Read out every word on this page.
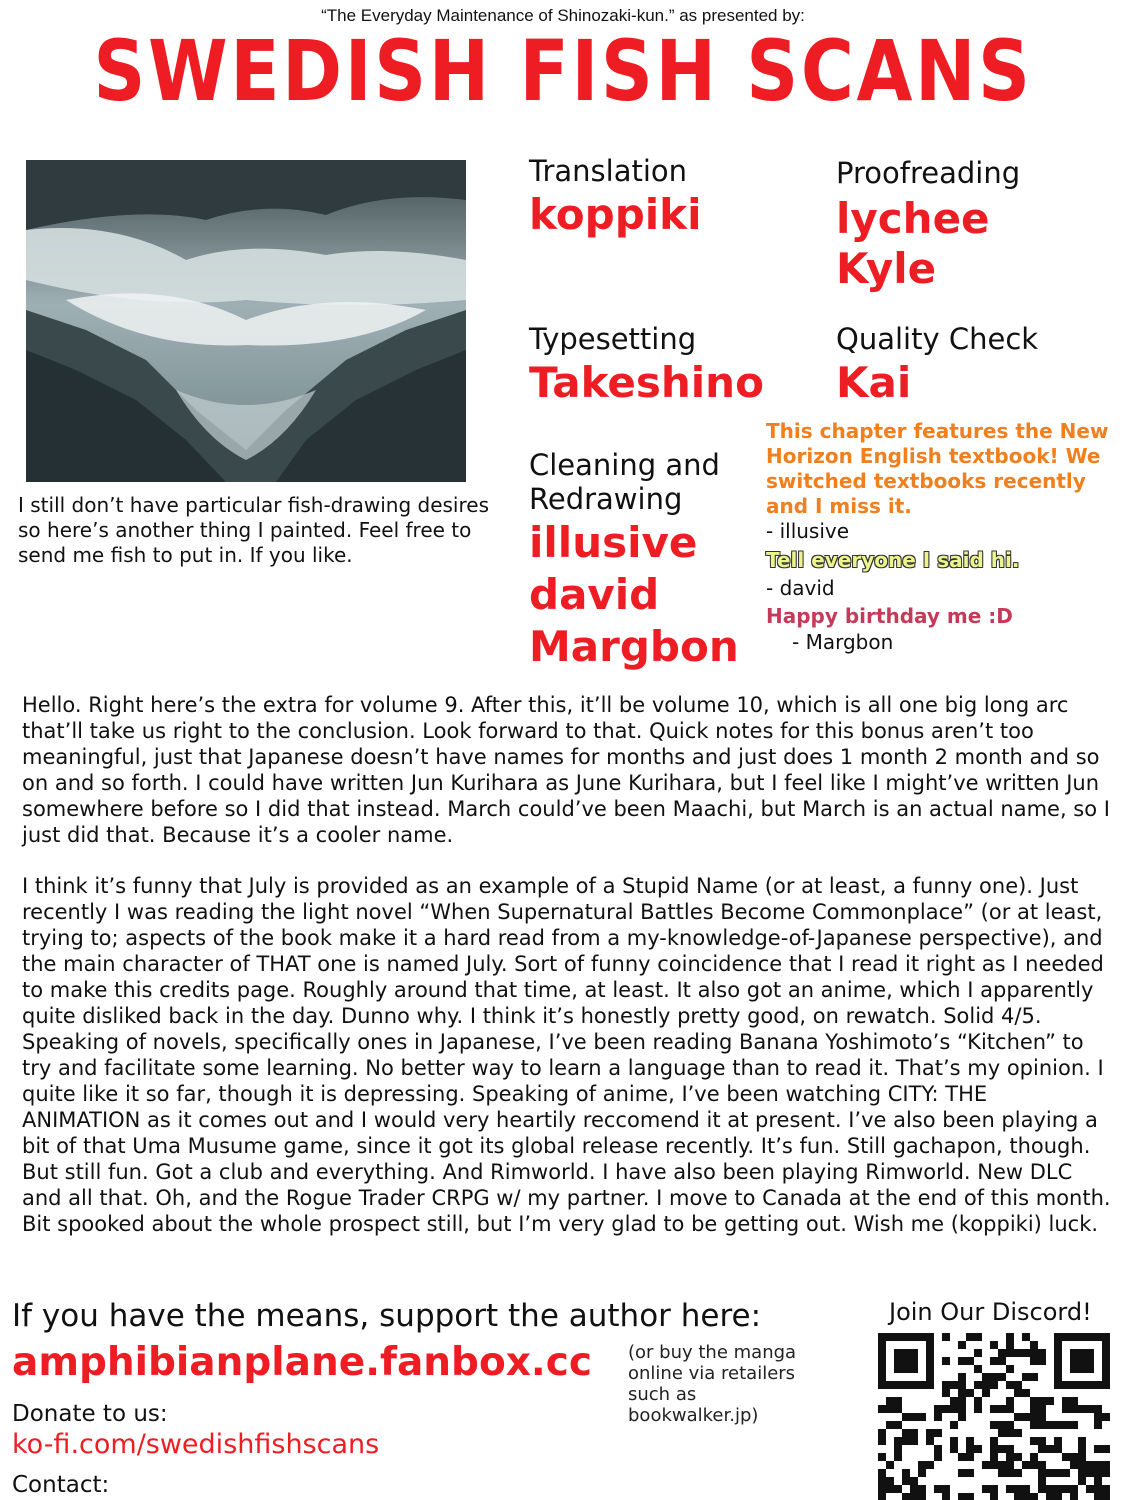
“The Everyday Maintenance of Shinozaki-kun.” as presented by:
SWEDISH FISH SCANS
I still don’t have particular fish-drawing desires so here’s another thing I painted. Feel free to send me fish to put in. If you like.
Translation
koppiki
Proofreading
lychee
Kyle
Typesetting
Takeshino
Quality Check
Kai
Cleaning and
Redrawing
illusive
david
Margbon
This chapter features the New Horizon English textbook! We switched textbooks recently and I miss it.
- illusive
Tell everyone I said hi.
- david
Happy birthday me :D
- Margbon
Hello. Right here’s the extra for volume 9. After this, it’ll be volume 10, which is all one big long arc that’ll take us right to the conclusion. Look forward to that. Quick notes for this bonus aren’t too meaningful, just that Japanese doesn’t have names for months and just does 1 month 2 month and so on and so forth. I could have written Jun Kurihara as June Kurihara, but I feel like I might’ve written Jun somewhere before so I did that instead. March could’ve been Maachi, but March is an actual name, so I just did that. Because it’s a cooler name.
I think it’s funny that July is provided as an example of a Stupid Name (or at least, a funny one). Just recently I was reading the light novel “When Supernatural Battles Become Commonplace” (or at least, trying to; aspects of the book make it a hard read from a my-knowledge-of-Japanese perspective), and the main character of THAT one is named July. Sort of funny coincidence that I read it right as I needed to make this credits page. Roughly around that time, at least. It also got an anime, which I apparently quite disliked back in the day. Dunno why. I think it’s honestly pretty good, on rewatch. Solid 4/5. Speaking of novels, specifically ones in Japanese, I’ve been reading Banana Yoshimoto’s “Kitchen” to try and facilitate some learning. No better way to learn a language than to read it. That’s my opinion. I quite like it so far, though it is depressing. Speaking of anime, I’ve been watching CITY: THE ANIMATION as it comes out and I would very heartily reccomend it at present. I’ve also been playing a bit of that Uma Musume game, since it got its global release recently. It’s fun. Still gachapon, though. But still fun. Got a club and everything. And Rimworld. I have also been playing Rimworld. New DLC and all that. Oh, and the Rogue Trader CRPG w/ my partner. I move to Canada at the end of this month. Bit spooked about the whole prospect still, but I’m very glad to be getting out. Wish me (koppiki) luck.
If you have the means, support the author here:
amphibianplane.fanbox.cc (or buy the manga online via retailers such as bookwalker.jp)
Donate to us:
ko-fi.com/swedishfishscans
Contact:
Join Our Discord!
